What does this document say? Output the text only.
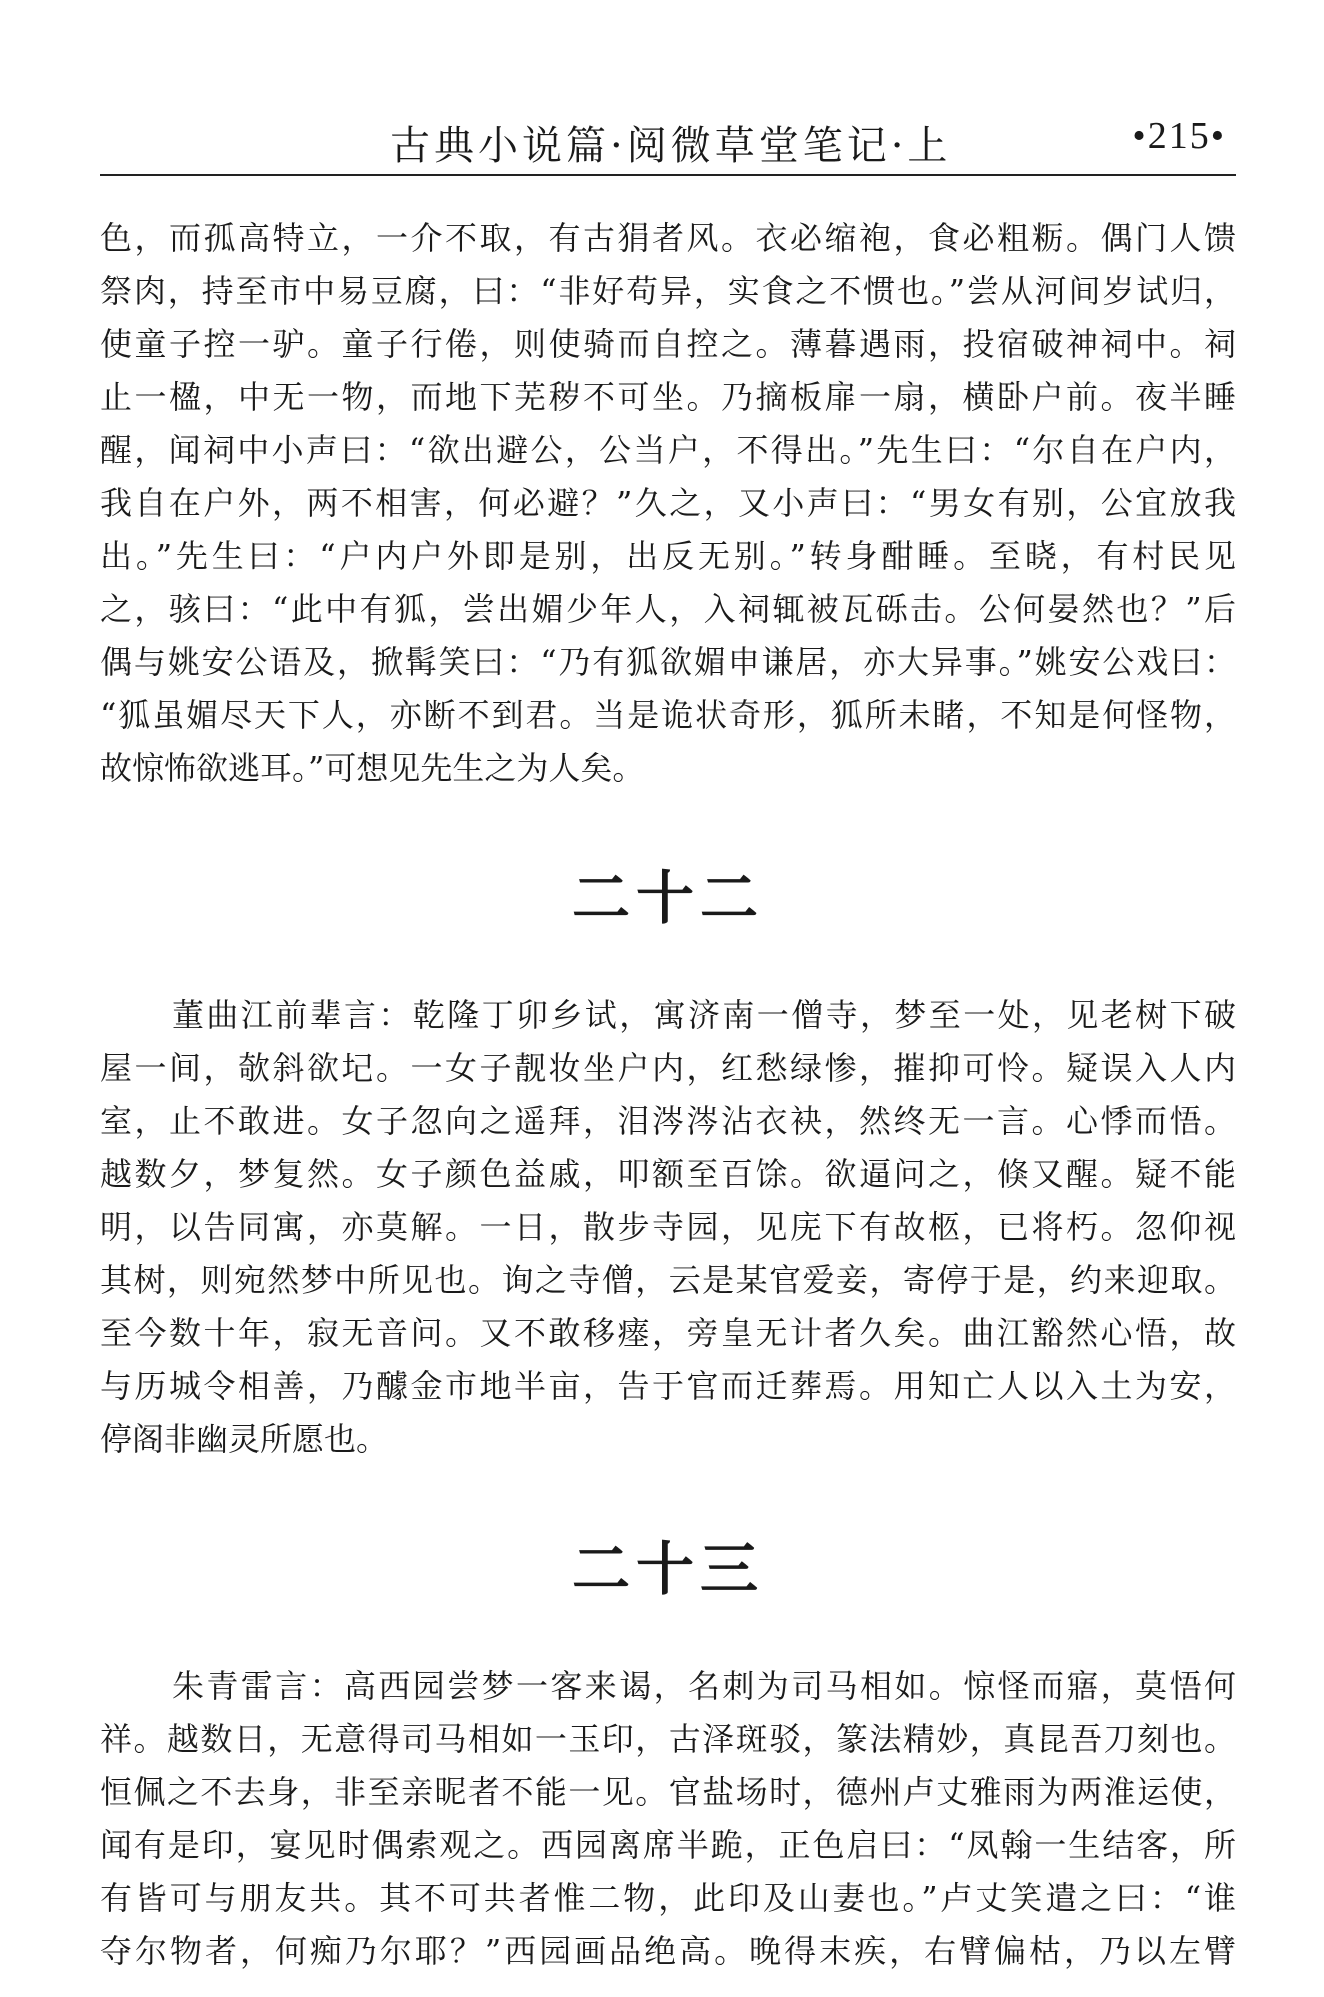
古典小说篇·阅微草堂笔记·上	•215•
色，而孤高特立，一介不取，有古狷者风。衣必缩袍，食必粗粝。偶门人馈
祭肉，持至市中易豆腐，曰：“非好苟异，实食之不惯也。”尝从河间岁试归，
使童子控一驴。童子行倦，则使骑而自控之。薄暮遇雨，投宿破神祠中。祠
止一楹，中无一物，而地下芜秽不可坐。乃摘板扉一扇，横卧户前。夜半睡
醒，闻祠中小声曰：“欲出避公，公当户，不得出。”先生曰：“尔自在户内，
我自在户外，两不相害，何必避？”久之，又小声曰：“男女有别，公宜放我
出。”先生曰：“户内户外即是别，出反无别。”转身酣睡。至晓，有村民见
之，骇曰：“此中有狐，尝出媚少年人，入祠辄被瓦砾击。公何晏然也？”后
偶与姚安公语及，掀髯笑曰：“乃有狐欲媚申谦居，亦大异事。”姚安公戏曰：
“狐虽媚尽天下人，亦断不到君。当是诡状奇形，狐所未睹，不知是何怪物，
故惊怖欲逃耳。”可想见先生之为人矣。
二十二
董曲江前辈言：乾隆丁卯乡试，寓济南一僧寺，梦至一处，见老树下破
屋一间，欹斜欲圮。一女子靓妆坐户内，红愁绿惨，摧抑可怜。疑误入人内
室，止不敢进。女子忽向之遥拜，泪涔涔沾衣袂，然终无一言。心悸而悟。
越数夕，梦复然。女子颜色益戚，叩额至百馀。欲逼问之，倏又醒。疑不能
明，以告同寓，亦莫解。一日，散步寺园，见庑下有故柩，已将朽。忽仰视
其树，则宛然梦中所见也。询之寺僧，云是某官爱妾，寄停于是，约来迎取。
至今数十年，寂无音问。又不敢移瘗，旁皇无计者久矣。曲江豁然心悟，故
与历城令相善，乃醵金市地半亩，告于官而迁葬焉。用知亡人以入土为安，
停阁非幽灵所愿也。
二十三
朱青雷言：高西园尝梦一客来谒，名刺为司马相如。惊怪而寤，莫悟何
祥。越数日，无意得司马相如一玉印，古泽斑驳，篆法精妙，真昆吾刀刻也。
恒佩之不去身，非至亲昵者不能一见。官盐场时，德州卢丈雅雨为两淮运使，
闻有是印，宴见时偶索观之。西园离席半跪，正色启曰：“凤翰一生结客，所
有皆可与朋友共。其不可共者惟二物，此印及山妻也。”卢丈笑遣之曰：“谁
夺尔物者，何痴乃尔耶？”西园画品绝高。晚得末疾，右臂偏枯，乃以左臂
